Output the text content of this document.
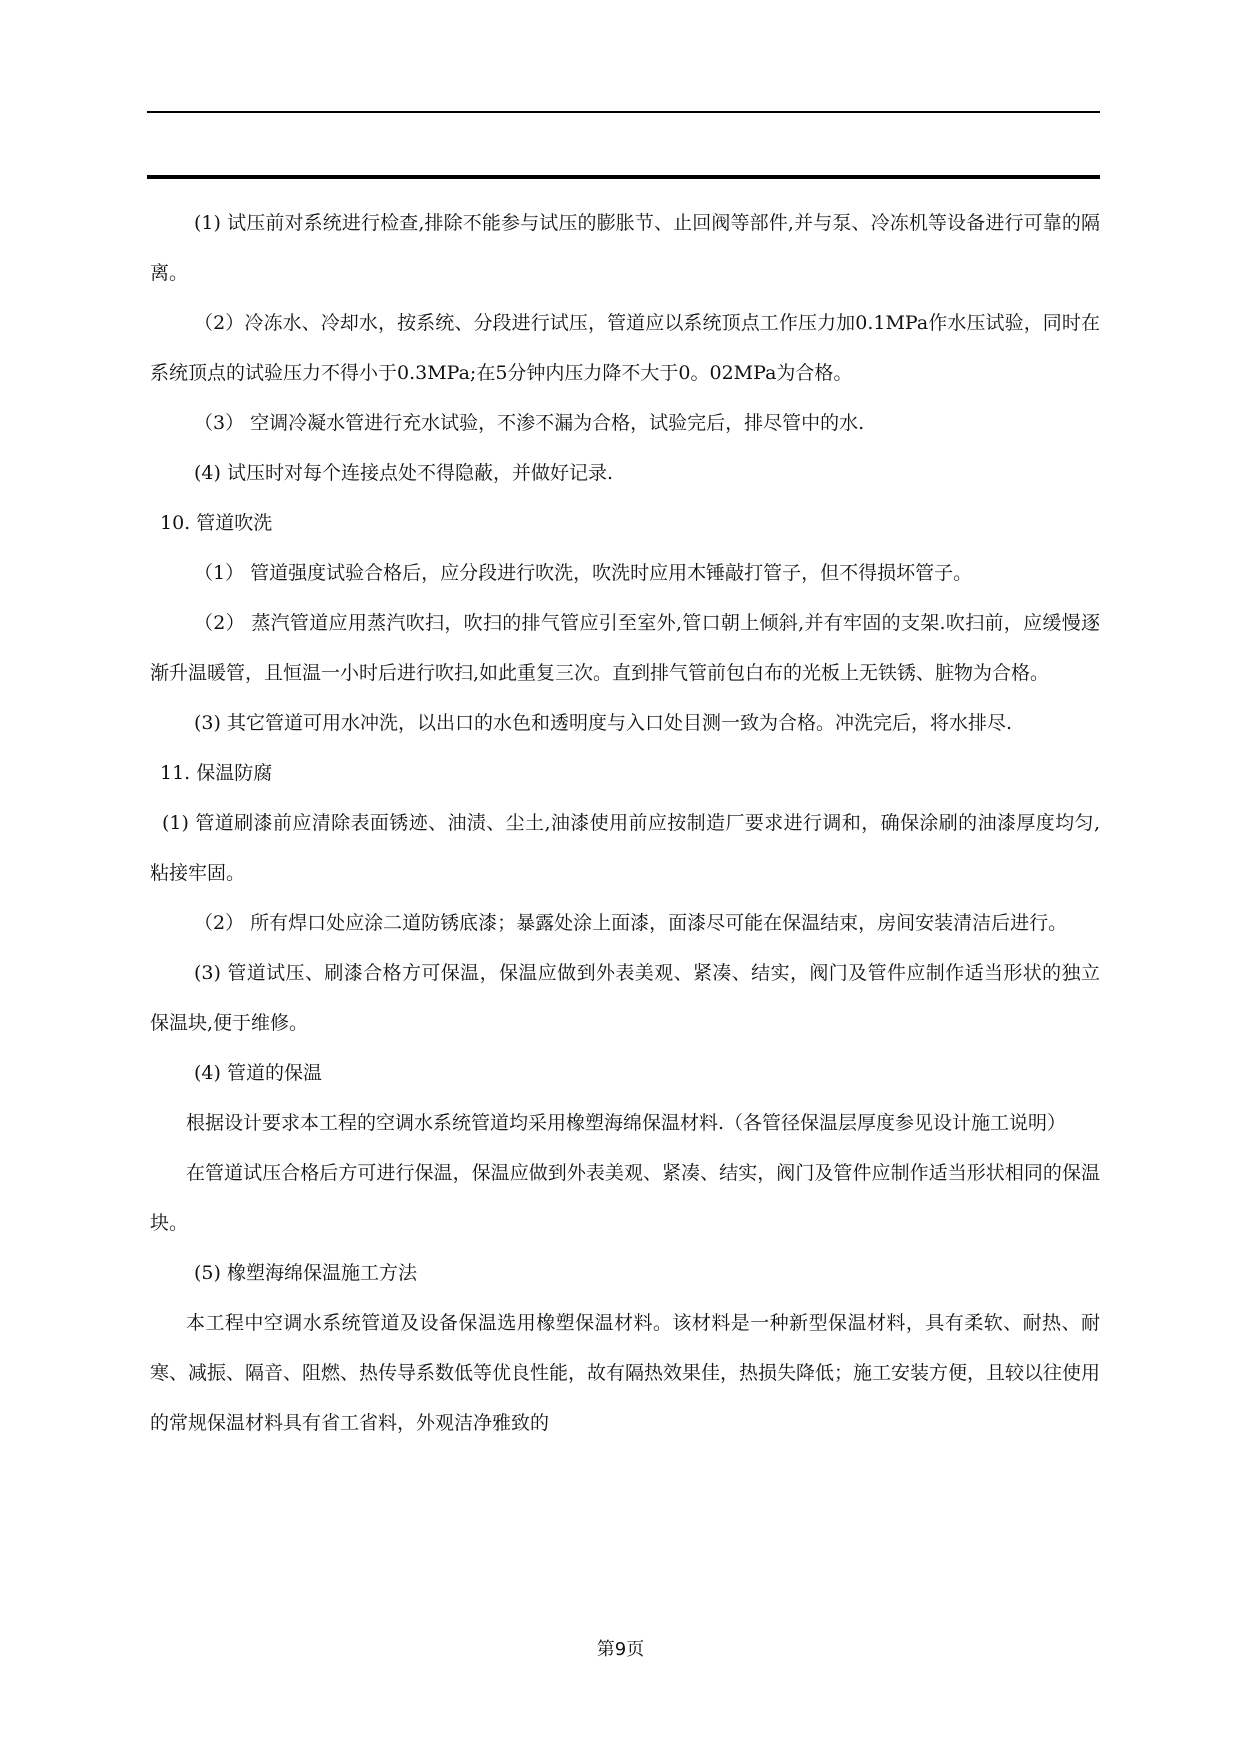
(1) 试压前对系统进行检查,排除不能参与试压的膨胀节、止回阀等部件,并与泵、冷冻机等设备进行可靠的隔离。

（2）冷冻水、冷却水，按系统、分段进行试压，管道应以系统顶点工作压力加0.1MPa作水压试验，同时在系统顶点的试验压力不得小于0.3MPa;在5分钟内压力降不大于0。02MPa为合格。

（3） 空调冷凝水管进行充水试验，不渗不漏为合格，试验完后，排尽管中的水.

(4) 试压时对每个连接点处不得隐蔽，并做好记录.

10. 管道吹洗

（1） 管道强度试验合格后，应分段进行吹洗，吹洗时应用木锤敲打管子，但不得损坏管子。

（2） 蒸汽管道应用蒸汽吹扫，吹扫的排气管应引至室外,管口朝上倾斜,并有牢固的支架.吹扫前，应缓慢逐渐升温暖管，且恒温一小时后进行吹扫,如此重复三次。直到排气管前包白布的光板上无铁锈、脏物为合格。

(3) 其它管道可用水冲洗，以出口的水色和透明度与入口处目测一致为合格。冲洗完后，将水排尽.

11. 保温防腐

(1) 管道刷漆前应清除表面锈迹、油渍、尘土,油漆使用前应按制造厂要求进行调和，确保涂刷的油漆厚度均匀,粘接牢固。

（2） 所有焊口处应涂二道防锈底漆；暴露处涂上面漆，面漆尽可能在保温结束，房间安装清洁后进行。

(3) 管道试压、刷漆合格方可保温，保温应做到外表美观、紧凑、结实，阀门及管件应制作适当形状的独立保温块,便于维修。

(4) 管道的保温

根据设计要求本工程的空调水系统管道均采用橡塑海绵保温材料.（各管径保温层厚度参见设计施工说明）

在管道试压合格后方可进行保温，保温应做到外表美观、紧凑、结实，阀门及管件应制作适当形状相同的保温块。

(5) 橡塑海绵保温施工方法

本工程中空调水系统管道及设备保温选用橡塑保温材料。该材料是一种新型保温材料，具有柔软、耐热、耐寒、减振、隔音、阻燃、热传导系数低等优良性能，故有隔热效果佳，热损失降低；施工安装方便，且较以往使用的常规保温材料具有省工省料，外观洁净雅致的

第9页
